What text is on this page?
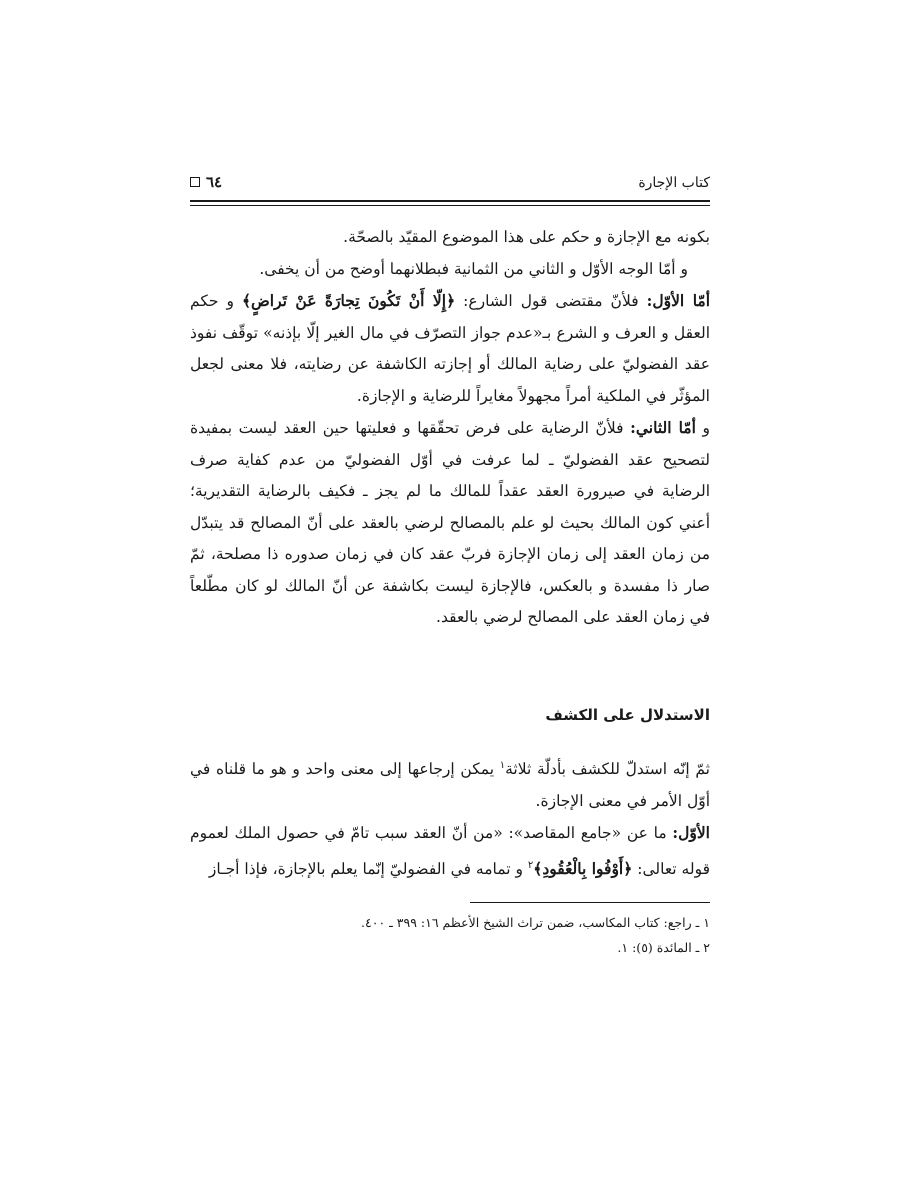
كتاب الإجارة
٦٤

بكونه مع الإجازة و حكم على هذا الموضوع المقيّد بالصحّة.

و أمّا الوجه الأوّل و الثاني من الثمانية فبطلانهما أوضح من أن يخفى.

أمّا الأوّل: فلأنّ مقتضى قول الشارع: ﴿إِلّا أَنْ تَكُونَ تِجارَةً عَنْ تَراضٍ﴾ و حكم العقل و العرف و الشرع بـ«عدم جواز التصرّف في مال الغير إلّا بإذنه» توقّف نفوذ عقد الفضوليّ على رضاية المالك أو إجازته الكاشفة عن رضايته، فلا معنى لجعل المؤثّر في الملكية أمراً مجهولاً مغايراً للرضاية و الإجازة.

و أمّا الثاني: فلأنّ الرضاية على فرض تحقّقها و فعليتها حين العقد ليست بمفيدة لتصحيح عقد الفضوليّ ـ لما عرفت في أوّل الفضوليّ من عدم كفاية صرف الرضاية في صيرورة العقد عقداً للمالك ما لم يجز ـ فكيف بالرضاية التقديرية؛ أعني كون المالك بحيث لو علم بالمصالح لرضي بالعقد على أنّ المصالح قد يتبدّل من زمان العقد إلى زمان الإجازة فربّ عقد كان في زمان صدوره ذا مصلحة، ثمّ صار ذا مفسدة و بالعكس، فالإجازة ليست بكاشفة عن أنّ المالك لو كان مطّلعاً في زمان العقد على المصالح لرضي بالعقد.

الاستدلال على الكشف

ثمّ إنّه استدلّ للكشف بأدلّة ثلاثة$^١$ يمكن إرجاعها إلى معنى واحد و هو ما قلناه في أوّل الأمر في معنى الإجازة.

الأوّل: ما عن «جامع المقاصد»: «من أنّ العقد سبب تامّ في حصول الملك لعموم قوله تعالى: ﴿أَوْفُوا بِالْعُقُودِ﴾$^٢$ و تمامه في الفضوليّ إنّما يعلم بالإجازة، فإذا أجـاز

١ ـ راجع: كتاب المكاسب، ضمن تراث الشيخ الأعظم ١٦: ٣٩٩ ـ ٤٠٠.
٢ ـ المائدة (٥): ١.
